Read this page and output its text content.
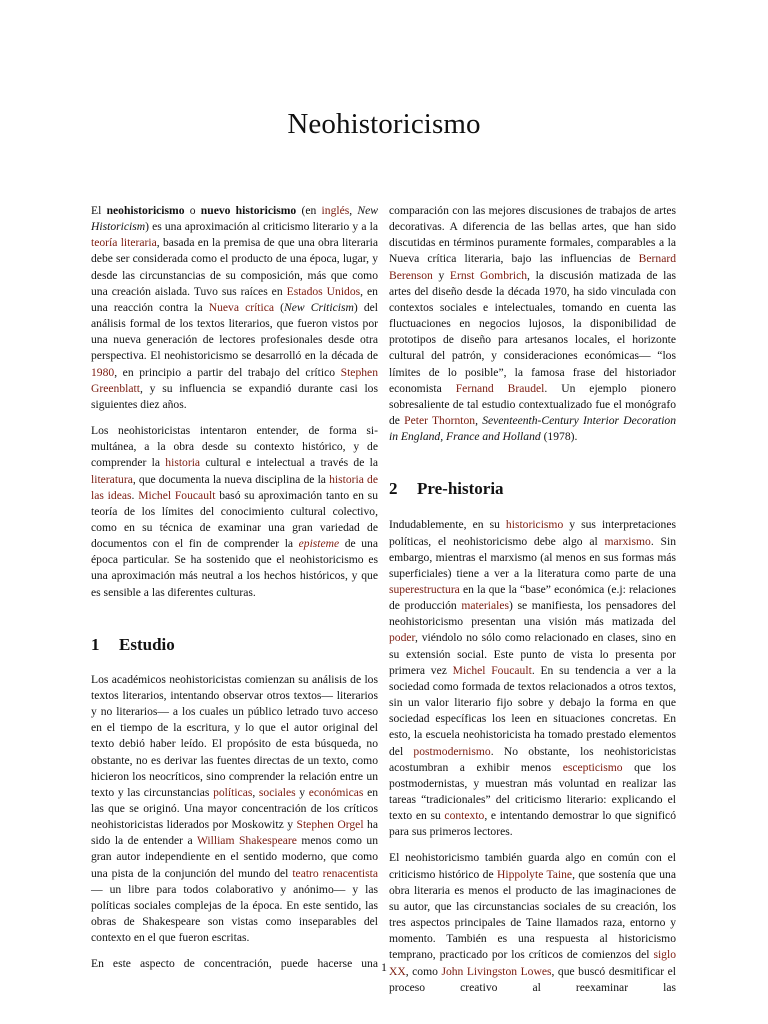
Neohistoricismo

El neohistoricismo o nuevo historicismo (en inglés, New Historicism) es una aproximación al criticismo literario y a la teoría literaria, basada en la premisa de que una obra literaria debe ser considerada como el producto de una época, lugar, y desde las circunstancias de su composición, más que como una creación aislada. Tuvo sus raíces en Estados Unidos, en una reacción contra la Nueva crítica (New Criticism) del análisis formal de los textos literarios, que fueron vistos por una nueva generación de lectores profesionales desde otra perspectiva. El neohistoricismo se desarrolló en la década de 1980, en principio a partir del trabajo del crítico Stephen Greenblatt, y su influencia se expandió durante casi los siguientes diez años.

Los neohistoricistas intentaron entender, de forma simultánea, a la obra desde su contexto histórico, y de comprender la historia cultural e intelectual a través de la literatura, que documenta la nueva disciplina de la historia de las ideas. Michel Foucault basó su aproximación tanto en su teoría de los límites del conocimiento cultural colectivo, como en su técnica de examinar una gran variedad de documentos con el fin de comprender la episteme de una época particular. Se ha sostenido que el neohistoricismo es una aproximación más neutral a los hechos históricos, y que es sensible a las diferentes culturas.

1 Estudio

Los académicos neohistoricistas comienzan su análisis de los textos literarios, intentando observar otros textos— literarios y no literarios— a los cuales un público letrado tuvo acceso en el tiempo de la escritura, y lo que el autor original del texto debió haber leído. El propósito de esta búsqueda, no obstante, no es derivar las fuentes directas de un texto, como hicieron los neocríticos, sino comprender la relación entre un texto y las circunstancias políticas, sociales y económicas en las que se originó. Una mayor concentración de los críticos neohistoricistas liderados por Moskowitz y Stephen Orgel ha sido la de entender a William Shakespeare menos como un gran autor independiente en el sentido moderno, que como una pista de la conjunción del mundo del teatro renacentista— un libre para todos colaborativo y anónimo— y las políticas sociales complejas de la época. En este sentido, las obras de Shakespeare son vistas como inseparables del contexto en el que fueron escritas.

En este aspecto de concentración, puede hacerse una

comparación con las mejores discusiones de trabajos de artes decorativas. A diferencia de las bellas artes, que han sido discutidas en términos puramente formales, comparables a la Nueva crítica literaria, bajo las influencias de Bernard Berenson y Ernst Gombrich, la discusión matizada de las artes del diseño desde la década 1970, ha sido vinculada con contextos sociales e intelectuales, tomando en cuenta las fluctuaciones en negocios lujosos, la disponibilidad de prototipos de diseño para artesanos locales, el horizonte cultural del patrón, y consideraciones económicas— “los límites de lo posible”, la famosa frase del historiador economista Fernand Braudel. Un ejemplo pionero sobresaliente de tal estudio contextualizado fue el monógrafo de Peter Thornton, Seventeenth-Century Interior Decoration in England, France and Holland (1978).

2 Pre-historia

Indudablemente, en su historicismo y sus interpretaciones políticas, el neohistoricismo debe algo al marxismo. Sin embargo, mientras el marxismo (al menos en sus formas más superficiales) tiene a ver a la literatura como parte de una superestructura en la que la “base” económica (e.j: relaciones de producción materiales) se manifiesta, los pensadores del neohistoricismo presentan una visión más matizada del poder, viéndolo no sólo como relacionado en clases, sino en su extensión social. Este punto de vista lo presenta por primera vez Michel Foucault. En su tendencia a ver a la sociedad como formada de textos relacionados a otros textos, sin un valor literario fijo sobre y debajo la forma en que sociedad específicas los leen en situaciones concretas. En esto, la escuela neohistoricista ha tomado prestado elementos del postmodernismo. No obstante, los neohistoricistas acostumbran a exhibir menos escepticismo que los postmodernistas, y muestran más voluntad en realizar las tareas “tradicionales” del criticismo literario: explicando el texto en su contexto, e intentando demostrar lo que significó para sus primeros lectores.

El neohistoricismo también guarda algo en común con el criticismo histórico de Hippolyte Taine, que sostenía que una obra literaria es menos el producto de las imaginaciones de su autor, que las circunstancias sociales de su creación, los tres aspectos principales de Taine llamados raza, entorno y momento. También es una respuesta al historicismo temprano, practicado por los críticos de comienzos del siglo XX, como John Livingston Lowes, que buscó desmitificar el proceso creativo al reexaminar las

1
